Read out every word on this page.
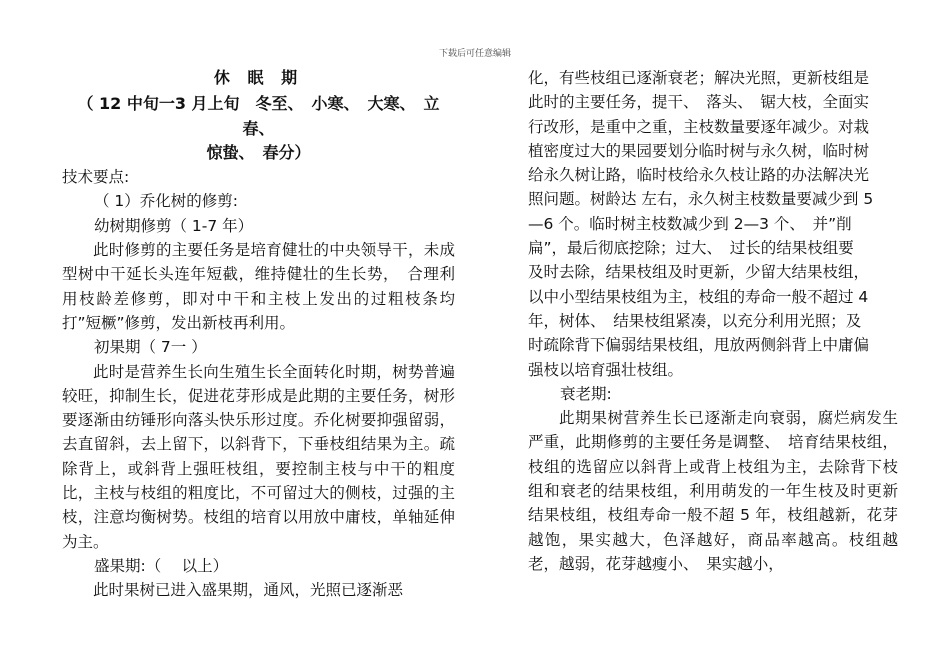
下载后可任意编辑
休 眠 期
（ 12 中旬一3 月上旬　冬至、　小寒、　大寒、　立春、
惊蛰、　春分）

技术要点:

（ 1）乔化树的修剪:

幼树期修剪（ 1-7 年）

此时修剪的主要任务是培育健壮的中央领导干，未成型树中干延长头连年短截，维持健壮的生长势，　合理利用枝龄差修剪，即对中干和主枝上发出的过粗枝条均打”短橛”修剪，发出新枝再利用。

初果期（ 7一 ）

此时是营养生长向生殖生长全面转化时期，树势普遍较旺，抑制生长，促进花芽形成是此期的主要任务，树形要逐渐由纺锤形向落头快乐形过度。乔化树要抑强留弱，去直留斜，去上留下，以斜背下，下垂枝组结果为主。疏除背上，或斜背上强旺枝组，要控制主枝与中干的粗度比，主枝与枝组的粗度比，不可留过大的侧枝，过强的主枝，注意均衡树势。枝组的培育以用放中庸枝，单轴延伸为主。

盛果期:（　 以上）

此时果树已进入盛果期，通风，光照已逐渐恶

化，有些枝组已逐渐衰老；解决光照，更新枝组是

此时的主要任务，提干、　落头、　锯大枝，全面实

行改形，是重中之重，主枝数量要逐年减少。对栽

植密度过大的果园要划分临时树与永久树，临时树

给永久树让路，临时枝给永久枝让路的办法解决光

照问题。树龄达 左右，永久树主枝数量要减少到 5

—6 个。临时树主枝数减少到 2—3 个、　并”削

扁”，最后彻底挖除；过大、　过长的结果枝组要

及时去除，结果枝组及时更新，少留大结果枝组，

以中小型结果枝组为主，枝组的寿命一般不超过 4

年，树体、　结果枝组紧凑，以充分利用光照；及

时疏除背下偏弱结果枝组，甩放两侧斜背上中庸偏

强枝以培育强壮枝组。

衰老期:

此期果树营养生长已逐渐走向衰弱，腐烂病发生严重，此期修剪的主要任务是调整、　培育结果枝组，枝组的选留应以斜背上或背上枝组为主，去除背下枝组和衰老的结果枝组，利用萌发的一年生枝及时更新结果枝组，枝组寿命一般不超 5 年，枝组越新，花芽越饱，果实越大，色泽越好，商品率越高。枝组越老，越弱，花芽越瘦小、　果实越小，
